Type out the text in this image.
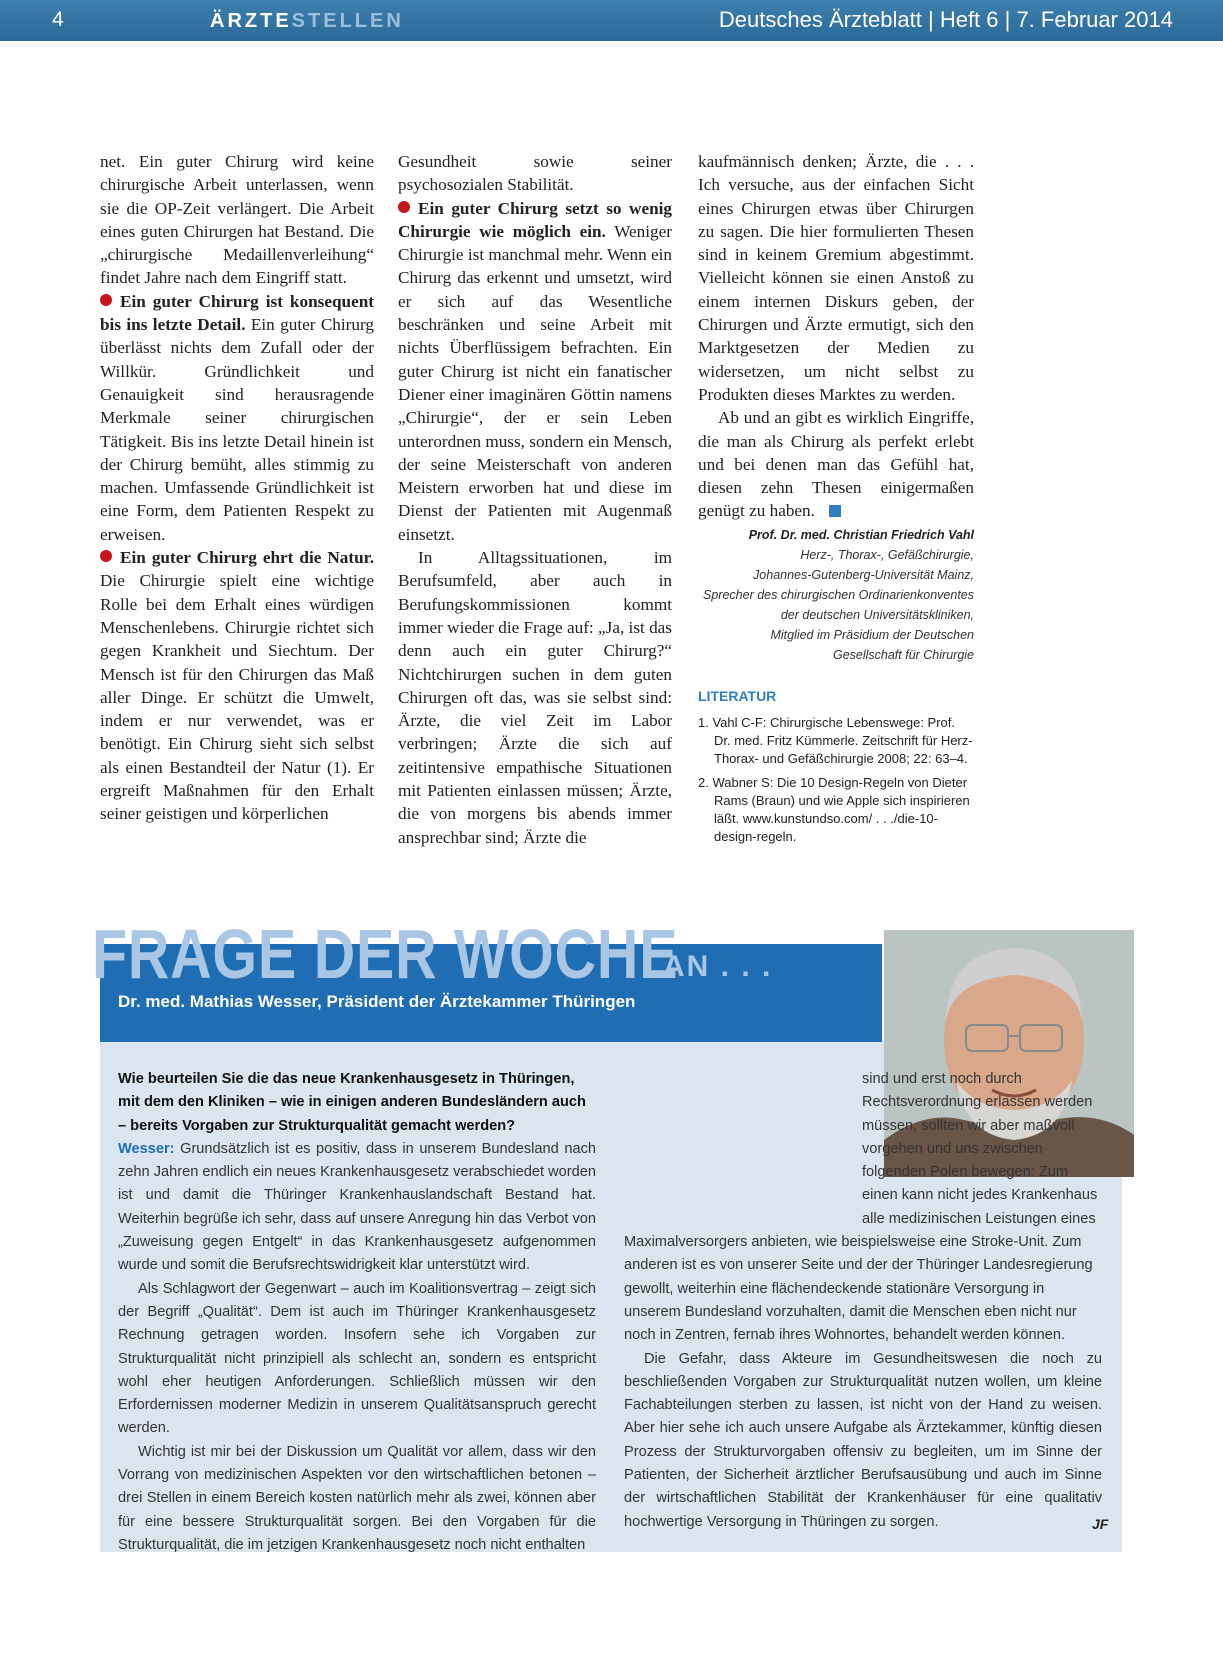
4	ÄRZTESTELLEN	Deutsches Ärzteblatt | Heft 6 | 7. Februar 2014

net. Ein guter Chirurg wird keine chirurgische Arbeit unterlassen, wenn sie die OP-Zeit verlängert. Die Arbeit eines guten Chirurgen hat Bestand. Die „chirurgische Medaillenverleihung“ findet Jahre nach dem Eingriff statt.

Ein guter Chirurg ist konsequent bis ins letzte Detail. Ein guter Chirurg überlässt nichts dem Zufall oder der Willkür. Gründlichkeit und Genauigkeit sind herausragende Merkmale seiner chirurgischen Tätigkeit. Bis ins letzte Detail hinein ist der Chirurg bemüht, alles stimmig zu machen. Umfassende Gründlichkeit ist eine Form, dem Patienten Respekt zu erweisen.

Ein guter Chirurg ehrt die Natur. Die Chirurgie spielt eine wichtige Rolle bei dem Erhalt eines würdigen Menschenlebens. Chirurgie richtet sich gegen Krankheit und Siechtum. Der Mensch ist für den Chirurgen das Maß aller Dinge. Er schützt die Umwelt, indem er nur verwendet, was er benötigt. Ein Chirurg sieht sich selbst als einen Bestandteil der Natur (1). Er ergreift Maßnahmen für den Erhalt seiner geistigen und körperlichen

Gesundheit sowie seiner psychosozialen Stabilität.

Ein guter Chirurg setzt so wenig Chirurgie wie möglich ein. Weniger Chirurgie ist manchmal mehr. Wenn ein Chirurg das erkennt und umsetzt, wird er sich auf das Wesentliche beschränken und seine Arbeit mit nichts Überflüssigem befrachten. Ein guter Chirurg ist nicht ein fanatischer Diener einer imaginären Göttin namens „Chirurgie“, der er sein Leben unterordnen muss, sondern ein Mensch, der seine Meisterschaft von anderen Meistern erworben hat und diese im Dienst der Patienten mit Augenmaß einsetzt.

In Alltagssituationen, im Berufsumfeld, aber auch in Berufungskommissionen kommt immer wieder die Frage auf: „Ja, ist das denn auch ein guter Chirurg?“ Nichtchirurgen suchen in dem guten Chirurgen oft das, was sie selbst sind: Ärzte, die viel Zeit im Labor verbringen; Ärzte die sich auf zeitintensive empathische Situationen mit Patienten einlassen müssen; Ärzte, die von morgens bis abends immer ansprechbar sind; Ärzte die

kaufmännisch denken; Ärzte, die . . . Ich versuche, aus der einfachen Sicht eines Chirurgen etwas über Chirurgen zu sagen. Die hier formulierten Thesen sind in keinem Gremium abgestimmt. Vielleicht können sie einen Anstoß zu einem internen Diskurs geben, der Chirurgen und Ärzte ermutigt, sich den Marktgesetzen der Medien zu widersetzen, um nicht selbst zu Produkten dieses Marktes zu werden.

Ab und an gibt es wirklich Eingriffe, die man als Chirurg als perfekt erlebt und bei denen man das Gefühl hat, diesen zehn Thesen einigermaßen genügt zu haben.

Prof. Dr. med. Christian Friedrich Vahl
Herz-, Thorax-, Gefäßchirurgie,
Johannes-Gutenberg-Universität Mainz,
Sprecher des chirurgischen Ordinarienkonventes
der deutschen Universitätskliniken,
Mitglied im Präsidium der Deutschen
Gesellschaft für Chirurgie
LITERATUR
1. Vahl C-F: Chirurgische Lebenswege: Prof. Dr. med. Fritz Kümmerle. Zeitschrift für Herz-Thorax- und Gefäßchirurgie 2008; 22: 63–4.
2. Wabner S: Die 10 Design-Regeln von Dieter Rams (Braun) und wie Apple sich inspirieren läßt. www.kunstundso.com/ . . ./die-10-design-regeln.
FRAGE DER WOCHE
AN . . .
Dr. med. Mathias Wesser, Präsident der Ärztekammer Thüringen

Wie beurteilen Sie die das neue Krankenhausgesetz in Thüringen, mit dem den Kliniken – wie in einigen anderen Bundesländern auch – bereits Vorgaben zur Strukturqualität gemacht werden?

Wesser: Grundsätzlich ist es positiv, dass in unserem Bundesland nach zehn Jahren endlich ein neues Krankenhausgesetz verabschiedet worden ist und damit die Thüringer Krankenhauslandschaft Bestand hat. Weiterhin begrüße ich sehr, dass auf unsere Anregung hin das Verbot von „Zuweisung gegen Entgelt“ in das Krankenhausgesetz aufgenommen wurde und somit die Berufsrechtswidrigkeit klar unterstützt wird.

Als Schlagwort der Gegenwart – auch im Koalitionsvertrag – zeigt sich der Begriff „Qualität“. Dem ist auch im Thüringer Krankenhausgesetz Rechnung getragen worden. Insofern sehe ich Vorgaben zur Strukturqualität nicht prinzipiell als schlecht an, sondern es entspricht wohl eher heutigen Anforderungen. Schließlich müssen wir den Erfordernissen moderner Medizin in unserem Qualitätsanspruch gerecht werden.

Wichtig ist mir bei der Diskussion um Qualität vor allem, dass wir den Vorrang von medizinischen Aspekten vor den wirtschaftlichen betonen – drei Stellen in einem Bereich kosten natürlich mehr als zwei, können aber für eine bessere Strukturqualität sorgen. Bei den Vorgaben für die Strukturqualität, die im jetzigen Krankenhausgesetz noch nicht enthalten

sind und erst noch durch Rechtsverordnung erlassen werden müssen, sollten wir aber maßvoll vorgehen und uns zwischen folgenden Polen bewegen: Zum einen kann nicht jedes Krankenhaus alle medizinischen Leistungen eines Maximalversorgers anbieten, wie beispielsweise eine Stroke-Unit. Zum anderen ist es von unserer Seite und der der Thüringer Landesregierung gewollt, weiterhin eine flächendeckende stationäre Versorgung in unserem Bundesland vorzuhalten, damit die Menschen eben nicht nur noch in Zentren, fernab ihres Wohnortes, behandelt werden können.

Die Gefahr, dass Akteure im Gesundheitswesen die noch zu beschließenden Vorgaben zur Strukturqualität nutzen wollen, um kleine Fachabteilungen sterben zu lassen, ist nicht von der Hand zu weisen. Aber hier sehe ich auch unsere Aufgabe als Ärztekammer, künftig diesen Prozess der Strukturvorgaben offensiv zu begleiten, um im Sinne der Patienten, der Sicherheit ärztlicher Berufsausübung und auch im Sinne der wirtschaftlichen Stabilität der Krankenhäuser für eine qualitativ hochwertige Versorgung in Thüringen zu sorgen.	JF
